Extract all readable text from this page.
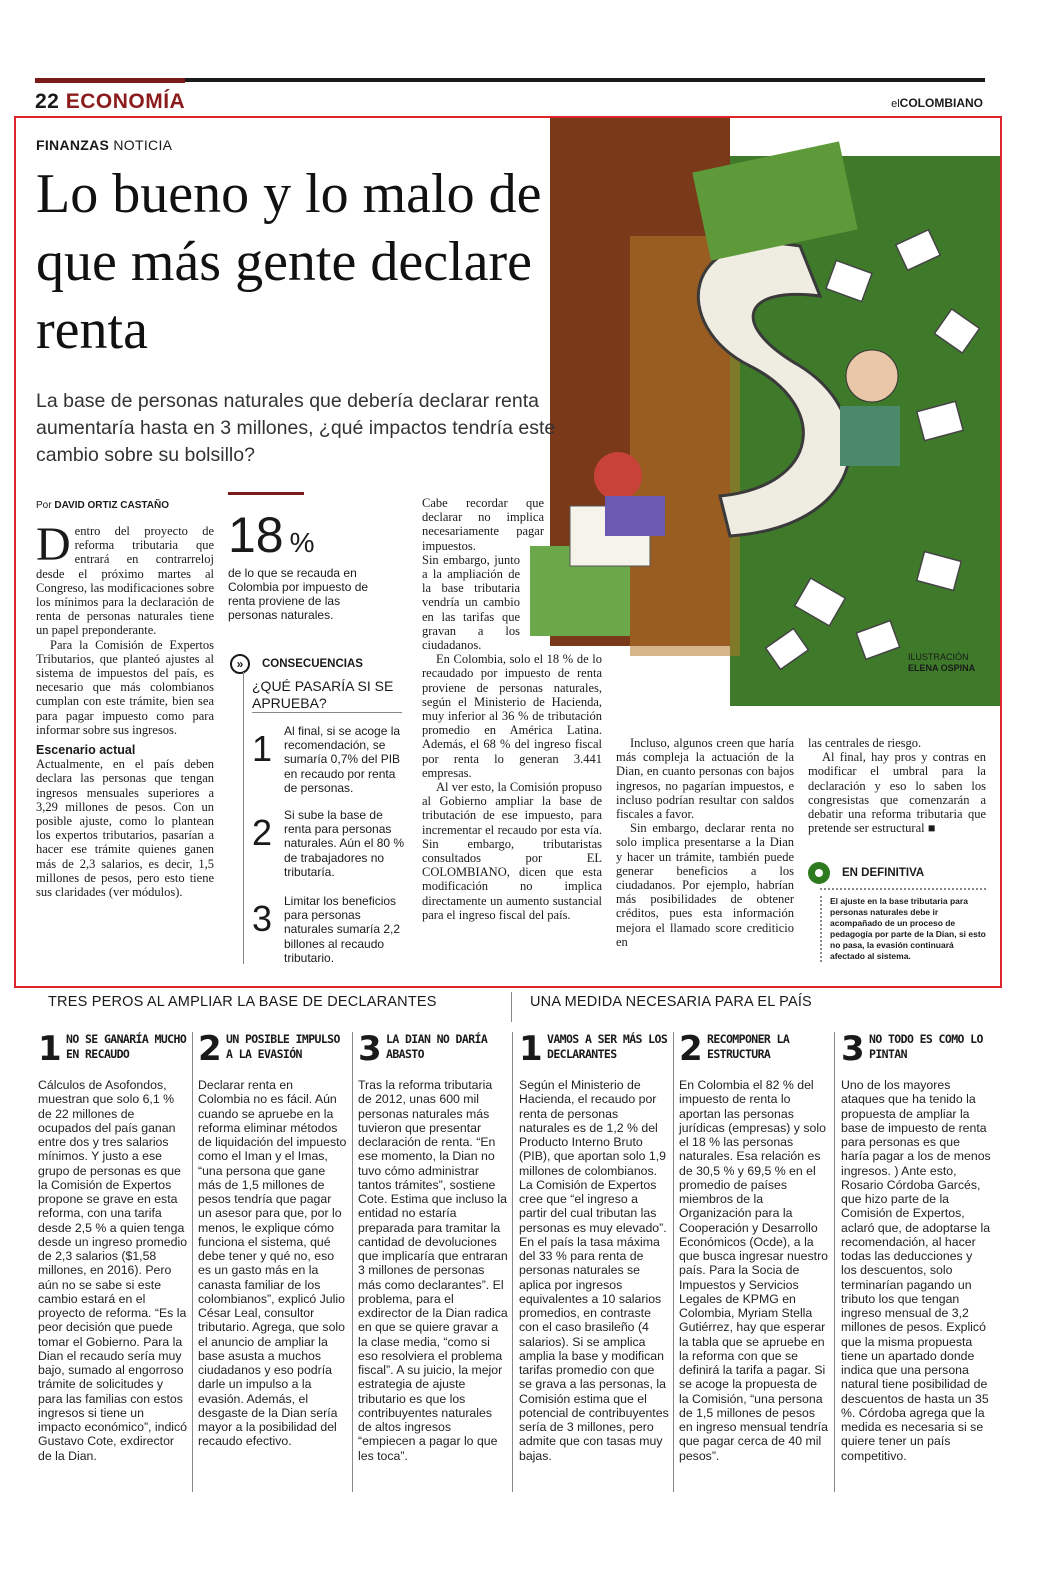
22 ECONOMÍA	elCOLOMBIANO
FINANZAS NOTICIA
Lo bueno y lo malo de que más gente declare renta

La base de personas naturales que debería declarar renta aumentaría hasta en 3 millones, ¿qué impactos tendría este cambio sobre su bolsillo?

Por DAVID ORTIZ CASTAÑO

Dentro del proyecto de reforma tributaria que entrará en contrarreloj desde el próximo martes al Congreso, las modificaciones sobre los mínimos para la declaración de renta de personas naturales tiene un papel preponderante.

Para la Comisión de Expertos Tributarios, que planteó ajustes al sistema de impuestos del país, es necesario que más colombianos cumplan con este trámite, bien sea para pagar impuesto como para informar sobre sus ingresos.

Escenario actual

Actualmente, en el país deben declara las personas que tengan ingresos mensuales superiores a 3,29 millones de pesos. Con un posible ajuste, como lo plantean los expertos tributarios, pasarían a hacer ese trámite quienes ganen más de 2,3 salarios, es decir, 1,5 millones de pesos, pero esto tiene sus claridades (ver módulos).

18 %

de lo que se recauda en Colombia por impuesto de renta proviene de las personas naturales.

»	CONSECUENCIAS

¿QUÉ PASARÍA SI SE APRUEBA?

1 Al final, si se acoge la recomendación, se sumaría 0,7% del PIB en recaudo por renta de personas.
2 Si sube la base de renta para personas naturales. Aún el 80 % de trabajadores no tributaría.
3 Limitar los beneficios para personas naturales sumaría 2,2 billones al recaudo tributario.

Cabe recordar que declarar no implica necesariamente pagar impuestos.

Sin embargo, junto a la ampliación de la base tributaria vendría un cambio en las tarifas que gravan a los ciudadanos.

En Colombia, solo el 18 % de lo recaudado por impuesto de renta proviene de personas naturales, según el Ministerio de Hacienda, muy inferior al 36 % de tributación promedio en América Latina. Además, el 68 % del ingreso fiscal por renta lo generan 3.441 empresas.

Al ver esto, la Comisión propuso al Gobierno ampliar la base de tributación de ese impuesto, para incrementar el recaudo por esta vía. Sin embargo, tributaristas consultados por EL COLOMBIANO, dicen que esta modificación no implica directamente un aumento sustancial para el ingreso fiscal del país.

ILUSTRACIÓN
ELENA OSPINA

Incluso, algunos creen que haría más compleja la actuación de la Dian, en cuanto personas con bajos ingresos, no pagarían impuestos, e incluso podrían resultar con saldos fiscales a favor.

Sin embargo, declarar renta no solo implica presentarse a la Dian y hacer un trámite, también puede generar beneficios a los ciudadanos. Por ejemplo, habrían más posibilidades de obtener créditos, pues esta información mejora el llamado score crediticio en

las centrales de riesgo.

Al final, hay pros y contras en modificar el umbral para la declaración y eso lo saben los congresistas que comenzarán a debatir una reforma tributaria que pretende ser estructural ■

EN DEFINITIVA

El ajuste en la base tributaria para personas naturales debe ir acompañado de un proceso de pedagogía por parte de la Dian, si esto no pasa, la evasión continuará afectado al sistema.

TRES PEROS AL AMPLIAR LA BASE DE DECLARANTES	UNA MEDIDA NECESARIA PARA EL PAÍS
1 NO SE GANARÍA MUCHO EN RECAUDO

Cálculos de Asofondos, muestran que solo 6,1 % de 22 millones de ocupados del país ganan entre dos y tres salarios mínimos. Y justo a ese grupo de personas es que la Comisión de Expertos propone se grave en esta reforma, con una tarifa desde 2,5 % a quien tenga desde un ingreso promedio de 2,3 salarios ($1,58 millones, en 2016). Pero aún no se sabe si este cambio estará en el proyecto de reforma. “Es la peor decisión que puede tomar el Gobierno. Para la Dian el recaudo sería muy bajo, sumado al engorroso trámite de solicitudes y para las familias con estos ingresos si tiene un impacto económico”, indicó Gustavo Cote, exdirector de la Dian.

2 UN POSIBLE IMPULSO A LA EVASIÓN

Declarar renta en Colombia no es fácil. Aún cuando se apruebe en la reforma eliminar métodos de liquidación del impuesto como el Iman y el Imas, “una persona que gane más de 1,5 millones de pesos tendría que pagar un asesor para que, por lo menos, le explique cómo funciona el sistema, qué debe tener y qué no, eso es un gasto más en la canasta familiar de los colombianos”, explicó Julio César Leal, consultor tributario. Agrega, que solo el anuncio de ampliar la base asusta a muchos ciudadanos y eso podría darle un impulso a la evasión. Además, el desgaste de la Dian sería mayor a la posibilidad del recaudo efectivo.

3 LA DIAN NO DARÍA ABASTO

Tras la reforma tributaria de 2012, unas 600 mil personas naturales más tuvieron que presentar declaración de renta. “En ese momento, la Dian no tuvo cómo administrar tantos trámites”, sostiene Cote. Estima que incluso la entidad no estaría preparada para tramitar la cantidad de devoluciones que implicaría que entraran 3 millones de personas más como declarantes”. El problema, para el exdirector de la Dian radica en que se quiere gravar a la clase media, “como si eso resolviera el problema fiscal”. A su juicio, la mejor estrategia de ajuste tributario es que los contribuyentes naturales de altos ingresos “empiecen a pagar lo que les toca”.

1 VAMOS A SER MÁS LOS DECLARANTES

Según el Ministerio de Hacienda, el recaudo por renta de personas naturales es de 1,2 % del Producto Interno Bruto (PIB), que aportan solo 1,9 millones de colombianos. La Comisión de Expertos cree que “el ingreso a partir del cual tributan las personas es muy elevado”. En el país la tasa máxima del 33 % para renta de personas naturales se aplica por ingresos equivalentes a 10 salarios promedios, en contraste con el caso brasileño (4 salarios). Si se amplica amplia la base y modifican tarifas promedio con que se grava a las personas, la Comisión estima que el potencial de contribuyentes sería de 3 millones, pero admite que con tasas muy bajas.

2 RECOMPONER LA ESTRUCTURA

En Colombia el 82 % del impuesto de renta lo aportan las personas jurídicas (empresas) y solo el 18 % las personas naturales. Esa relación es de 30,5 % y 69,5 % en el promedio de países miembros de la Organización para la Cooperación y Desarrollo Económicos (Ocde), a la que busca ingresar nuestro país. Para la Socia de Impuestos y Servicios Legales de KPMG en Colombia, Myriam Stella Gutiérrez, hay que esperar la tabla que se apruebe en la reforma con que se definirá la tarifa a pagar. Si se acoge la propuesta de la Comisión, “una persona de 1,5 millones de pesos en ingreso mensual tendría que pagar cerca de 40 mil pesos”.

3 NO TODO ES COMO LO PINTAN

Uno de los mayores ataques que ha tenido la propuesta de ampliar la base de impuesto de renta para personas es que haría pagar a los de menos ingresos. ) Ante esto, Rosario Córdoba Garcés, que hizo parte de la Comisión de Expertos, aclaró que, de adoptarse la recomendación, al hacer todas las deducciones y los descuentos, solo terminarían pagando un tributo los que tengan ingreso mensual de 3,2 millones de pesos. Explicó que la misma propuesta tiene un apartado donde indica que una persona natural tiene posibilidad de descuentos de hasta un 35 %. Córdoba agrega que la medida es necesaria si se quiere tener un país competitivo.
